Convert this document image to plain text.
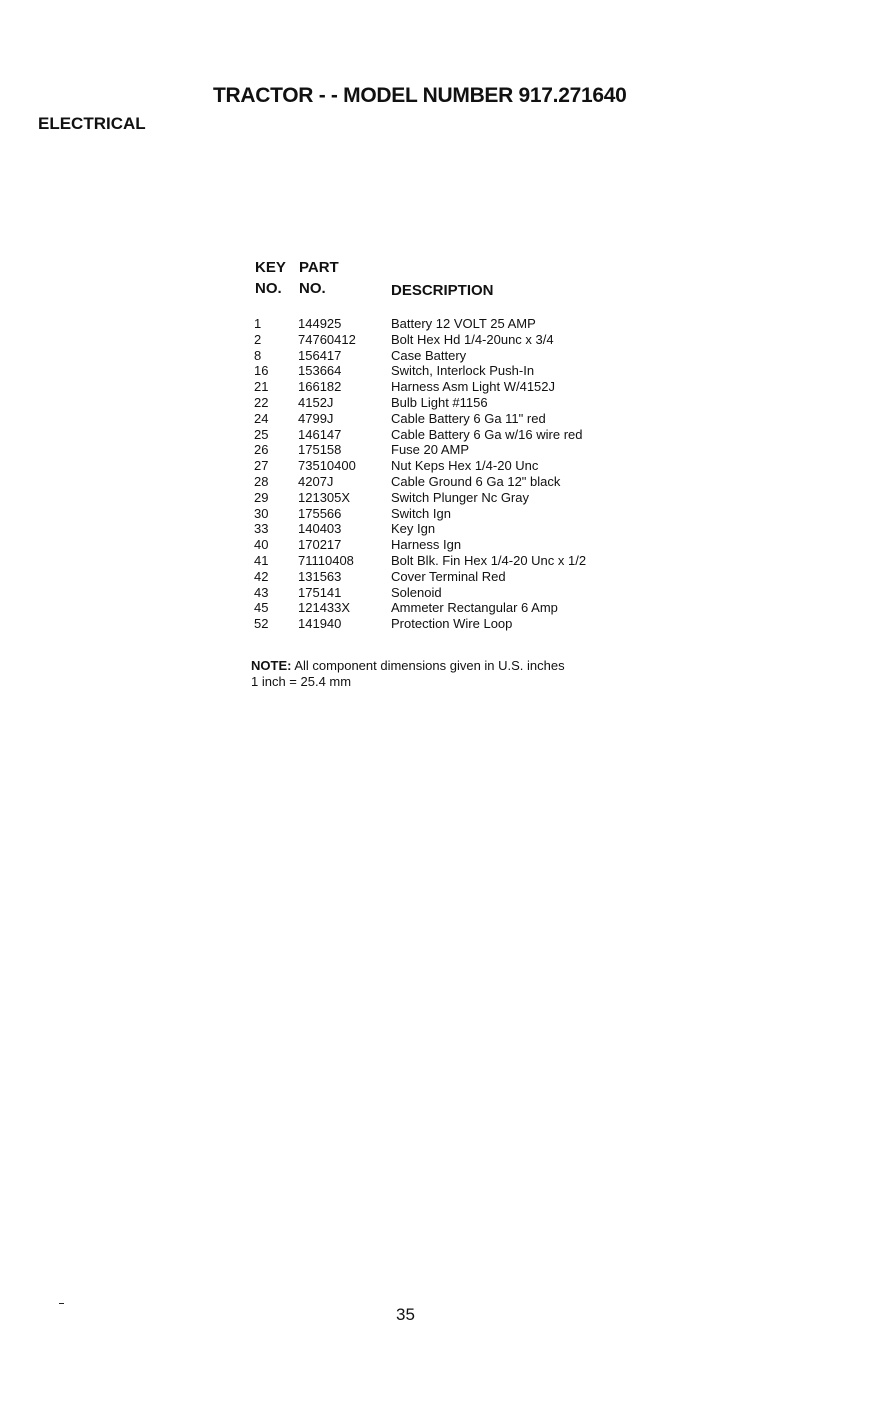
TRACTOR - - MODEL NUMBER 917.271640
ELECTRICAL
KEY
NO.
PART
NO.	DESCRIPTION
1	144925	Battery 12 VOLT 25 AMP
2	74760412	Bolt Hex Hd 1/4-20unc x 3/4
8	156417	Case Battery
16 153664	Switch, Interlock Push-In
21 166182	Harness Asm Light W/4152J
22 4152J	Bulb Light #1156
24 4799J	Cable Battery 6 Ga 11" red
25 146147	Cable Battery 6 Ga w/16 wire red
26 175158	Fuse 20 AMP
27 73510400	Nut Keps Hex 1/4-20 Unc
28 4207J	Cable Ground 6 Ga 12" black
29 121305X	Switch Plunger Nc Gray
30 175566	Switch Ign
33 140403	Key Ign
40 170217	Harness Ign
41 71110408	Bolt Blk. Fin Hex 1/4-20 Unc x 1/2
42 131563	Cover Terminal Red
43 175141	Solenoid
45 121433X	Ammeter Rectangular 6 Amp
52 141940	Protection Wire Loop
NOTE: All component dimensions given in U.S. inches
1 inch = 25.4 mm
35
